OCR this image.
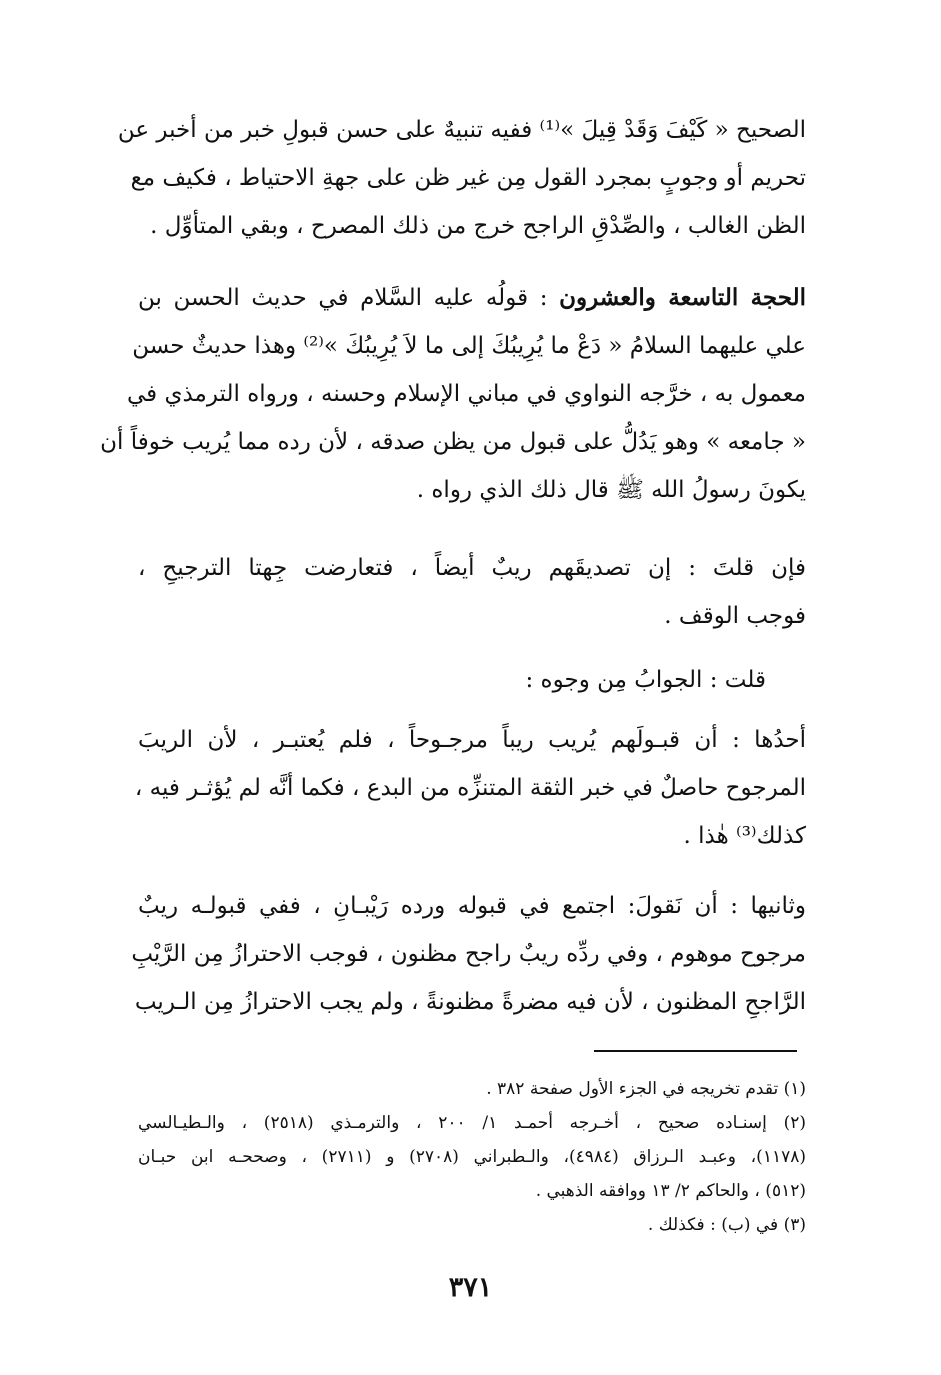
الصحيح « كَيْفَ وَقَدْ قِيلَ »⁽¹⁾ ففيه تنبيهٌ على حسن قبولِ خبر من أخبر عن
تحريم أو وجوبٍ بمجرد القول مِن غير ظن على جهةِ الاحتياط ، فكيف مع
الظن الغالب ، والصِّدْقِ الراجح خرج من ذلك المصرح ، وبقي المتأوِّل .
الحجة التاسعة والعشرون : قولُه عليه السَّلام في حديث الحسن بن
علي عليهما السلامُ « دَعْ ما يُرِيبُكَ إلى ما لاَ يُرِيبُكَ »⁽²⁾ وهذا حديثٌ حسن
معمول به ، خرَّجه النواوي في مباني الإسلام وحسنه ، ورواه الترمذي في
« جامعه » وهو يَدُلُّ على قبول من يظن صدقه ، لأن رده مما يُريب خوفاً أن
يكونَ رسولُ الله ﷺ قال ذلك الذي رواه .
فإن قلتَ : إن تصديقَهم ريبٌ أيضاً ، فتعارضت جِهتا الترجيحِ ،
فوجب الوقف .
قلت : الجوابُ مِن وجوه :
أحدُها : أن قبـولَهم يُريب ريباً مرجـوحاً ، فلم يُعتبـر ، لأن الريبَ
المرجوح حاصلٌ في خبر الثقة المتنزِّه من البدع ، فكما أنَّه لم يُؤثـر فيه ،
كذلك⁽³⁾ هٰذا .
وثانيها : أن نَقولَ: اجتمع في قبوله ورده رَيْبـانِ ، ففي قبولـه ريبٌ
مرجوح موهوم ، وفي ردِّه ريبٌ راجح مظنون ، فوجب الاحترازُ مِن الرَّيْبِ
الرَّاجحِ المظنون ، لأن فيه مضرةً مظنونةً ، ولم يجب الاحترازُ مِن الـريب
(١) تقدم تخريجه في الجزء الأول صفحة ٣٨٢ .
(٢) إسنـاده صحيح ، أخـرجه أحمـد ١/ ٢٠٠ ، والترمـذي (٢٥١٨) ، والـطيـالسي
(١١٧٨)، وعبـد الـرزاق (٤٩٨٤)، والـطبراني (٢٧٠٨) و (٢٧١١) ، وصححـه ابن حبـان
(٥١٢) ، والحاكم ٢/ ١٣ ووافقه الذهبي .
(٣) في (ب) : فكذلك .
٣٧١
